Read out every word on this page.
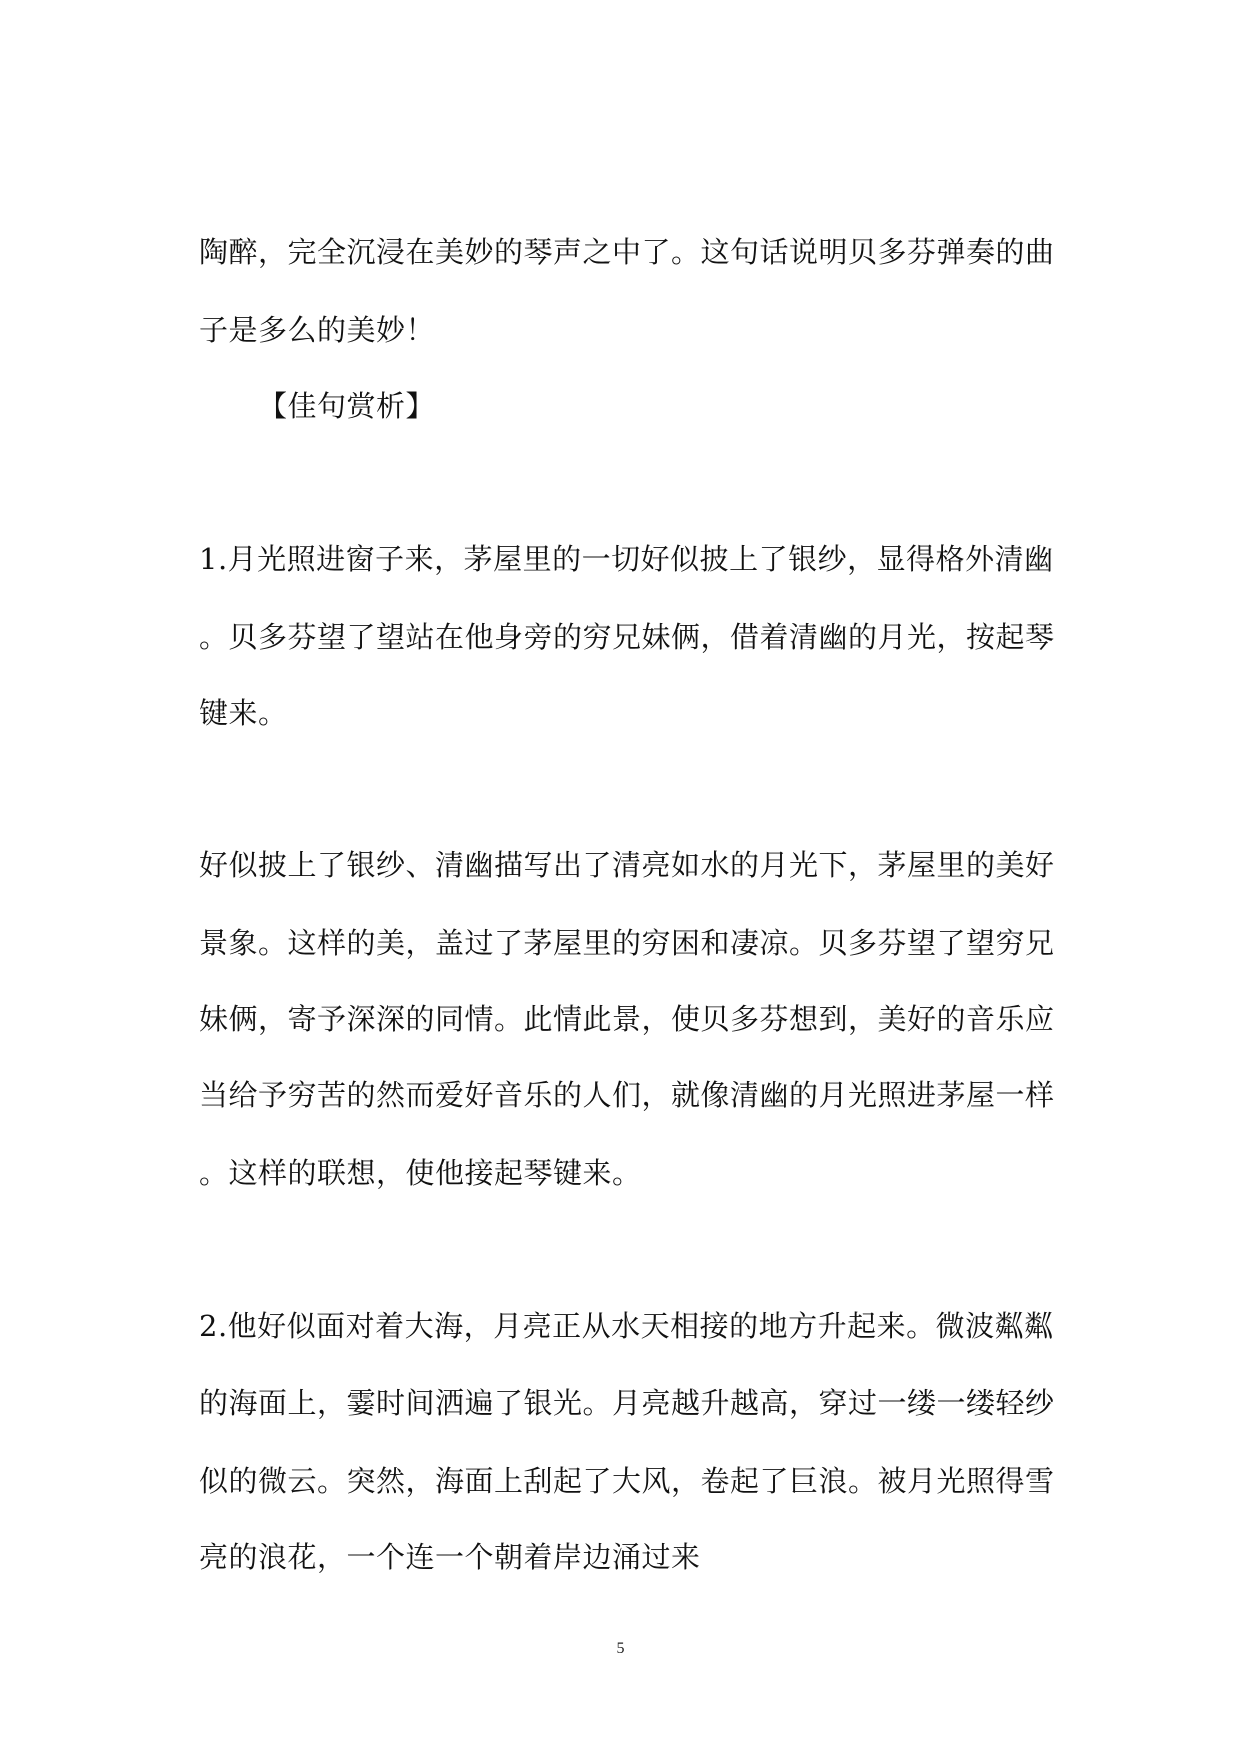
陶醉，完全沉浸在美妙的琴声之中了。这句话说明贝多芬弹奏的曲
子是多么的美妙！
【佳句赏析】
1.月光照进窗子来，茅屋里的一切好似披上了银纱，显得格外清幽
。贝多芬望了望站在他身旁的穷兄妹俩，借着清幽的月光，按起琴
键来。
好似披上了银纱、清幽描写出了清亮如水的月光下，茅屋里的美好
景象。这样的美，盖过了茅屋里的穷困和凄凉。贝多芬望了望穷兄
妹俩，寄予深深的同情。此情此景，使贝多芬想到，美好的音乐应
当给予穷苦的然而爱好音乐的人们，就像清幽的月光照进茅屋一样
。这样的联想，使他接起琴键来。
2.他好似面对着大海，月亮正从水天相接的地方升起来。微波粼粼
的海面上，霎时间洒遍了银光。月亮越升越高，穿过一缕一缕轻纱
似的微云。突然，海面上刮起了大风，卷起了巨浪。被月光照得雪
亮的浪花，一个连一个朝着岸边涌过来
5
